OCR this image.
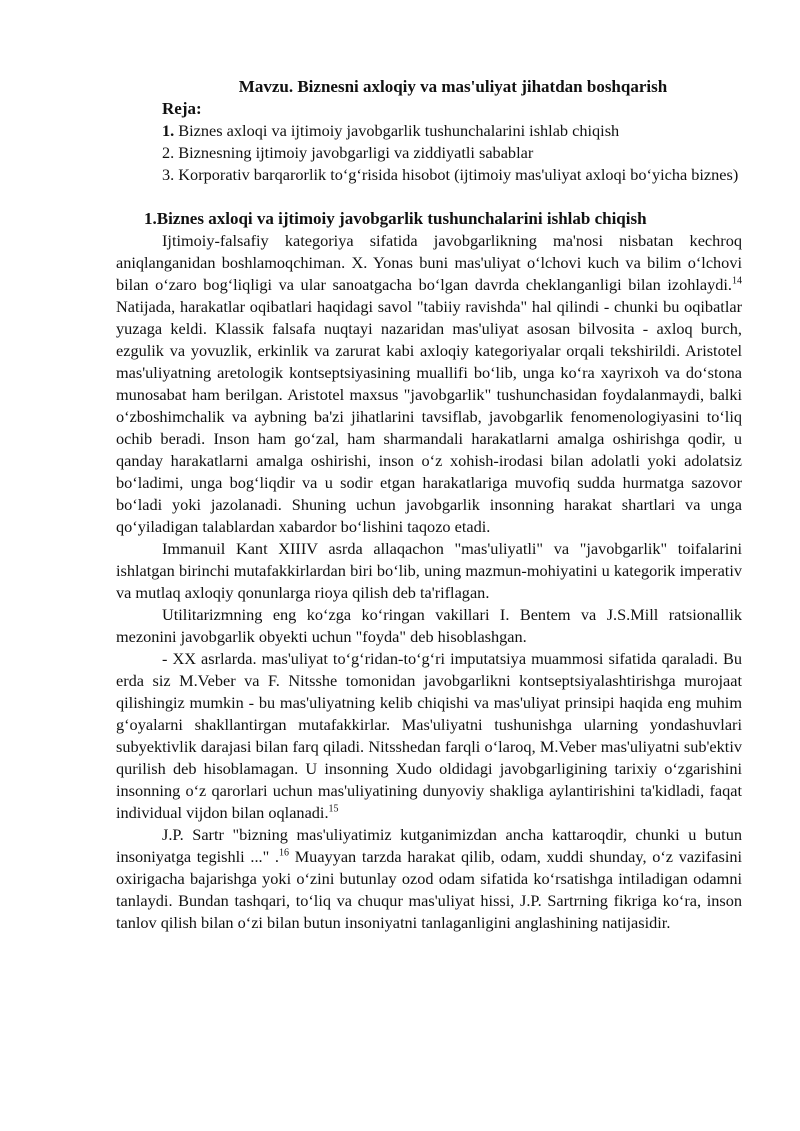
Mavzu. Biznesni axloqiy va mas'uliyat jihatdan boshqarish

Reja:

1. Biznes axloqi va ijtimoiy javobgarlik tushunchalarini ishlab chiqish

2. Biznesning ijtimoiy javobgarligi va ziddiyatli sabablar

3. Korporativ barqarorlik to‘g‘risida hisobot (ijtimoiy mas'uliyat axloqi bo‘yicha biznes)

1.Biznes axloqi va ijtimoiy javobgarlik tushunchalarini ishlab chiqish

Ijtimoiy-falsafiy kategoriya sifatida javobgarlikning ma'nosi nisbatan kechroq aniqlanganidan boshlamoqchiman. X. Yonas buni mas'uliyat o‘lchovi kuch va bilim o‘lchovi bilan o‘zaro bog‘liqligi va ular sanoatgacha bo‘lgan davrda cheklanganligi bilan izohlaydi.$^{14}$ Natijada, harakatlar oqibatlari haqidagi savol "tabiiy ravishda" hal qilindi - chunki bu oqibatlar yuzaga keldi. Klassik falsafa nuqtayi nazaridan mas'uliyat asosan bilvosita - axloq burch, ezgulik va yovuzlik, erkinlik va zarurat kabi axloqiy kategoriyalar orqali tekshirildi. Aristotel mas'uliyatning aretologik kontseptsiyasining muallifi bo‘lib, unga ko‘ra xayrixoh va do‘stona munosabat ham berilgan. Aristotel maxsus "javobgarlik" tushunchasidan foydalanmaydi, balki o‘zboshimchalik va aybning ba'zi jihatlarini tavsiflab, javobgarlik fenomenologiyasini to‘liq ochib beradi. Inson ham go‘zal, ham sharmandali harakatlarni amalga oshirishga qodir, u qanday harakatlarni amalga oshirishi, inson o‘z xohish-irodasi bilan adolatli yoki adolatsiz bo‘ladimi, unga bog‘liqdir va u sodir etgan harakatlariga muvofiq sudda hurmatga sazovor bo‘ladi yoki jazolanadi. Shuning uchun javobgarlik insonning harakat shartlari va unga qo‘yiladigan talablardan xabardor bo‘lishini taqozo etadi.

Immanuil Kant XIIIV asrda allaqachon "mas'uliyatli" va "javobgarlik" toifalarini ishlatgan birinchi mutafakkirlardan biri bo‘lib, uning mazmun-mohiyatini u kategorik imperativ va mutlaq axloqiy qonunlarga rioya qilish deb ta'riflagan.

Utilitarizmning eng ko‘zga ko‘ringan vakillari I. Bentem va J.S.Mill ratsionallik mezonini javobgarlik obyekti uchun "foyda" deb hisoblashgan.

- XX asrlarda. mas'uliyat to‘g‘ridan-to‘g‘ri imputatsiya muammosi sifatida qaraladi. Bu erda siz M.Veber va F. Nitsshe tomonidan javobgarlikni kontseptsiyalashtirishga murojaat qilishingiz mumkin - bu mas'uliyatning kelib chiqishi va mas'uliyat prinsipi haqida eng muhim g‘oyalarni shakllantirgan mutafakkirlar. Mas'uliyatni tushunishga ularning yondashuvlari subyektivlik darajasi bilan farq qiladi. Nitsshedan farqli o‘laroq, M.Veber mas'uliyatni sub'ektiv qurilish deb hisoblamagan. U insonning Xudo oldidagi javobgarligining tarixiy o‘zgarishini insonning o‘z qarorlari uchun mas'uliyatining dunyoviy shakliga aylantirishini ta'kidladi, faqat individual vijdon bilan oqlanadi.$^{15}$

J.P. Sartr "bizning mas'uliyatimiz kutganimizdan ancha kattaroqdir, chunki u butun insoniyatga tegishli ..." .$^{16}$ Muayyan tarzda harakat qilib, odam, xuddi shunday, o‘z vazifasini oxirigacha bajarishga yoki o‘zini butunlay ozod odam sifatida ko‘rsatishga intiladigan odamni tanlaydi. Bundan tashqari, to‘liq va chuqur mas'uliyat hissi, J.P. Sartrning fikriga ko‘ra, inson tanlov qilish bilan o‘zi bilan butun insoniyatni tanlaganligini anglashining natijasidir.
